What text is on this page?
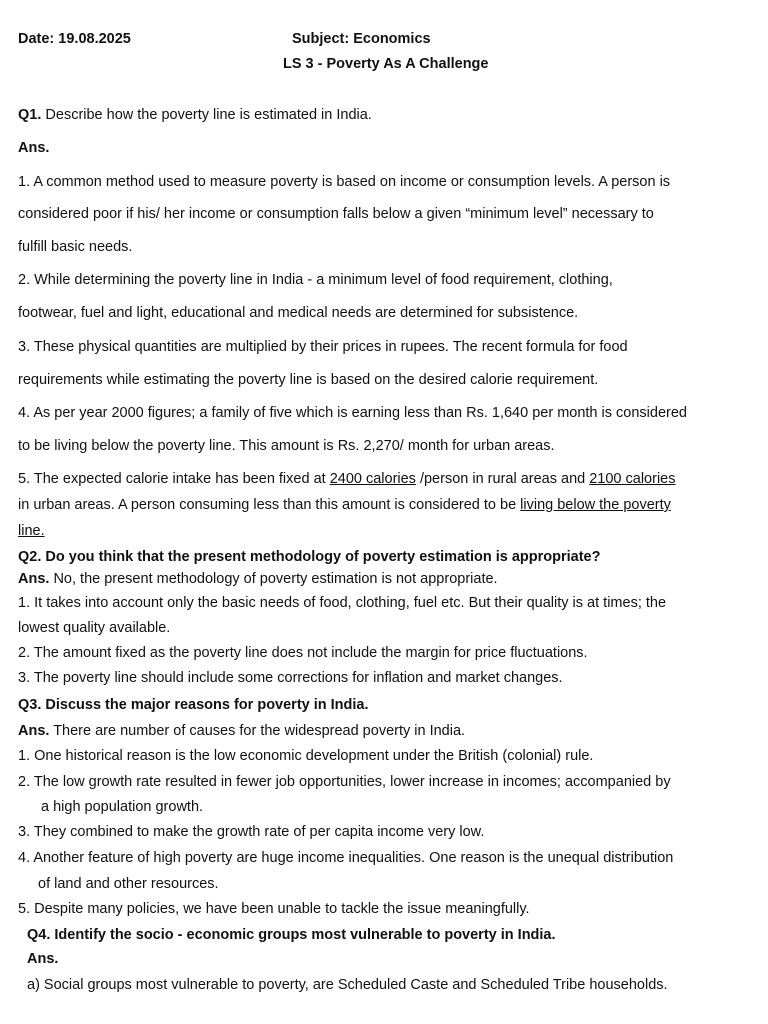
Date: 19.08.2025	Subject: Economics
LS 3 - Poverty As A Challenge
Q1. Describe how the poverty line is estimated in India.
Ans.
1. A common method used to measure poverty is based on income or consumption levels. A person is
considered poor if his/ her income or consumption falls below a given “minimum level” necessary to
fulfill basic needs.
2. While determining the poverty line in India - a minimum level of food requirement, clothing,
footwear, fuel and light, educational and medical needs are determined for subsistence.
3. These physical quantities are multiplied by their prices in rupees. The recent formula for food
requirements while estimating the poverty line is based on the desired calorie requirement.
4. As per year 2000 figures; a family of five which is earning less than Rs. 1,640 per month is considered
to be living below the poverty line. This amount is Rs. 2,270/ month for urban areas.
5. The expected calorie intake has been fixed at 2400 calories /person in rural areas and 2100 calories
in urban areas. A person consuming less than this amount is considered to be living below the poverty
line.
Q2. Do you think that the present methodology of poverty estimation is appropriate?
Ans. No, the present methodology of poverty estimation is not appropriate.
1. It takes into account only the basic needs of food, clothing, fuel etc. But their quality is at times; the
lowest quality available.
2. The amount fixed as the poverty line does not include the margin for price fluctuations.
3. The poverty line should include some corrections for inflation and market changes.
Q3. Discuss the major reasons for poverty in India.
Ans. There are number of causes for the widespread poverty in India.
1. One historical reason is the low economic development under the British (colonial) rule.
2. The low growth rate resulted in fewer job opportunities, lower increase in incomes; accompanied by
a high population growth.
3. They combined to make the growth rate of per capita income very low.
4. Another feature of high poverty are huge income inequalities. One reason is the unequal distribution
of land and other resources.
5. Despite many policies, we have been unable to tackle the issue meaningfully.
Q4. Identify the socio - economic groups most vulnerable to poverty in India.
Ans.
a) Social groups most vulnerable to poverty, are Scheduled Caste and Scheduled Tribe households.
